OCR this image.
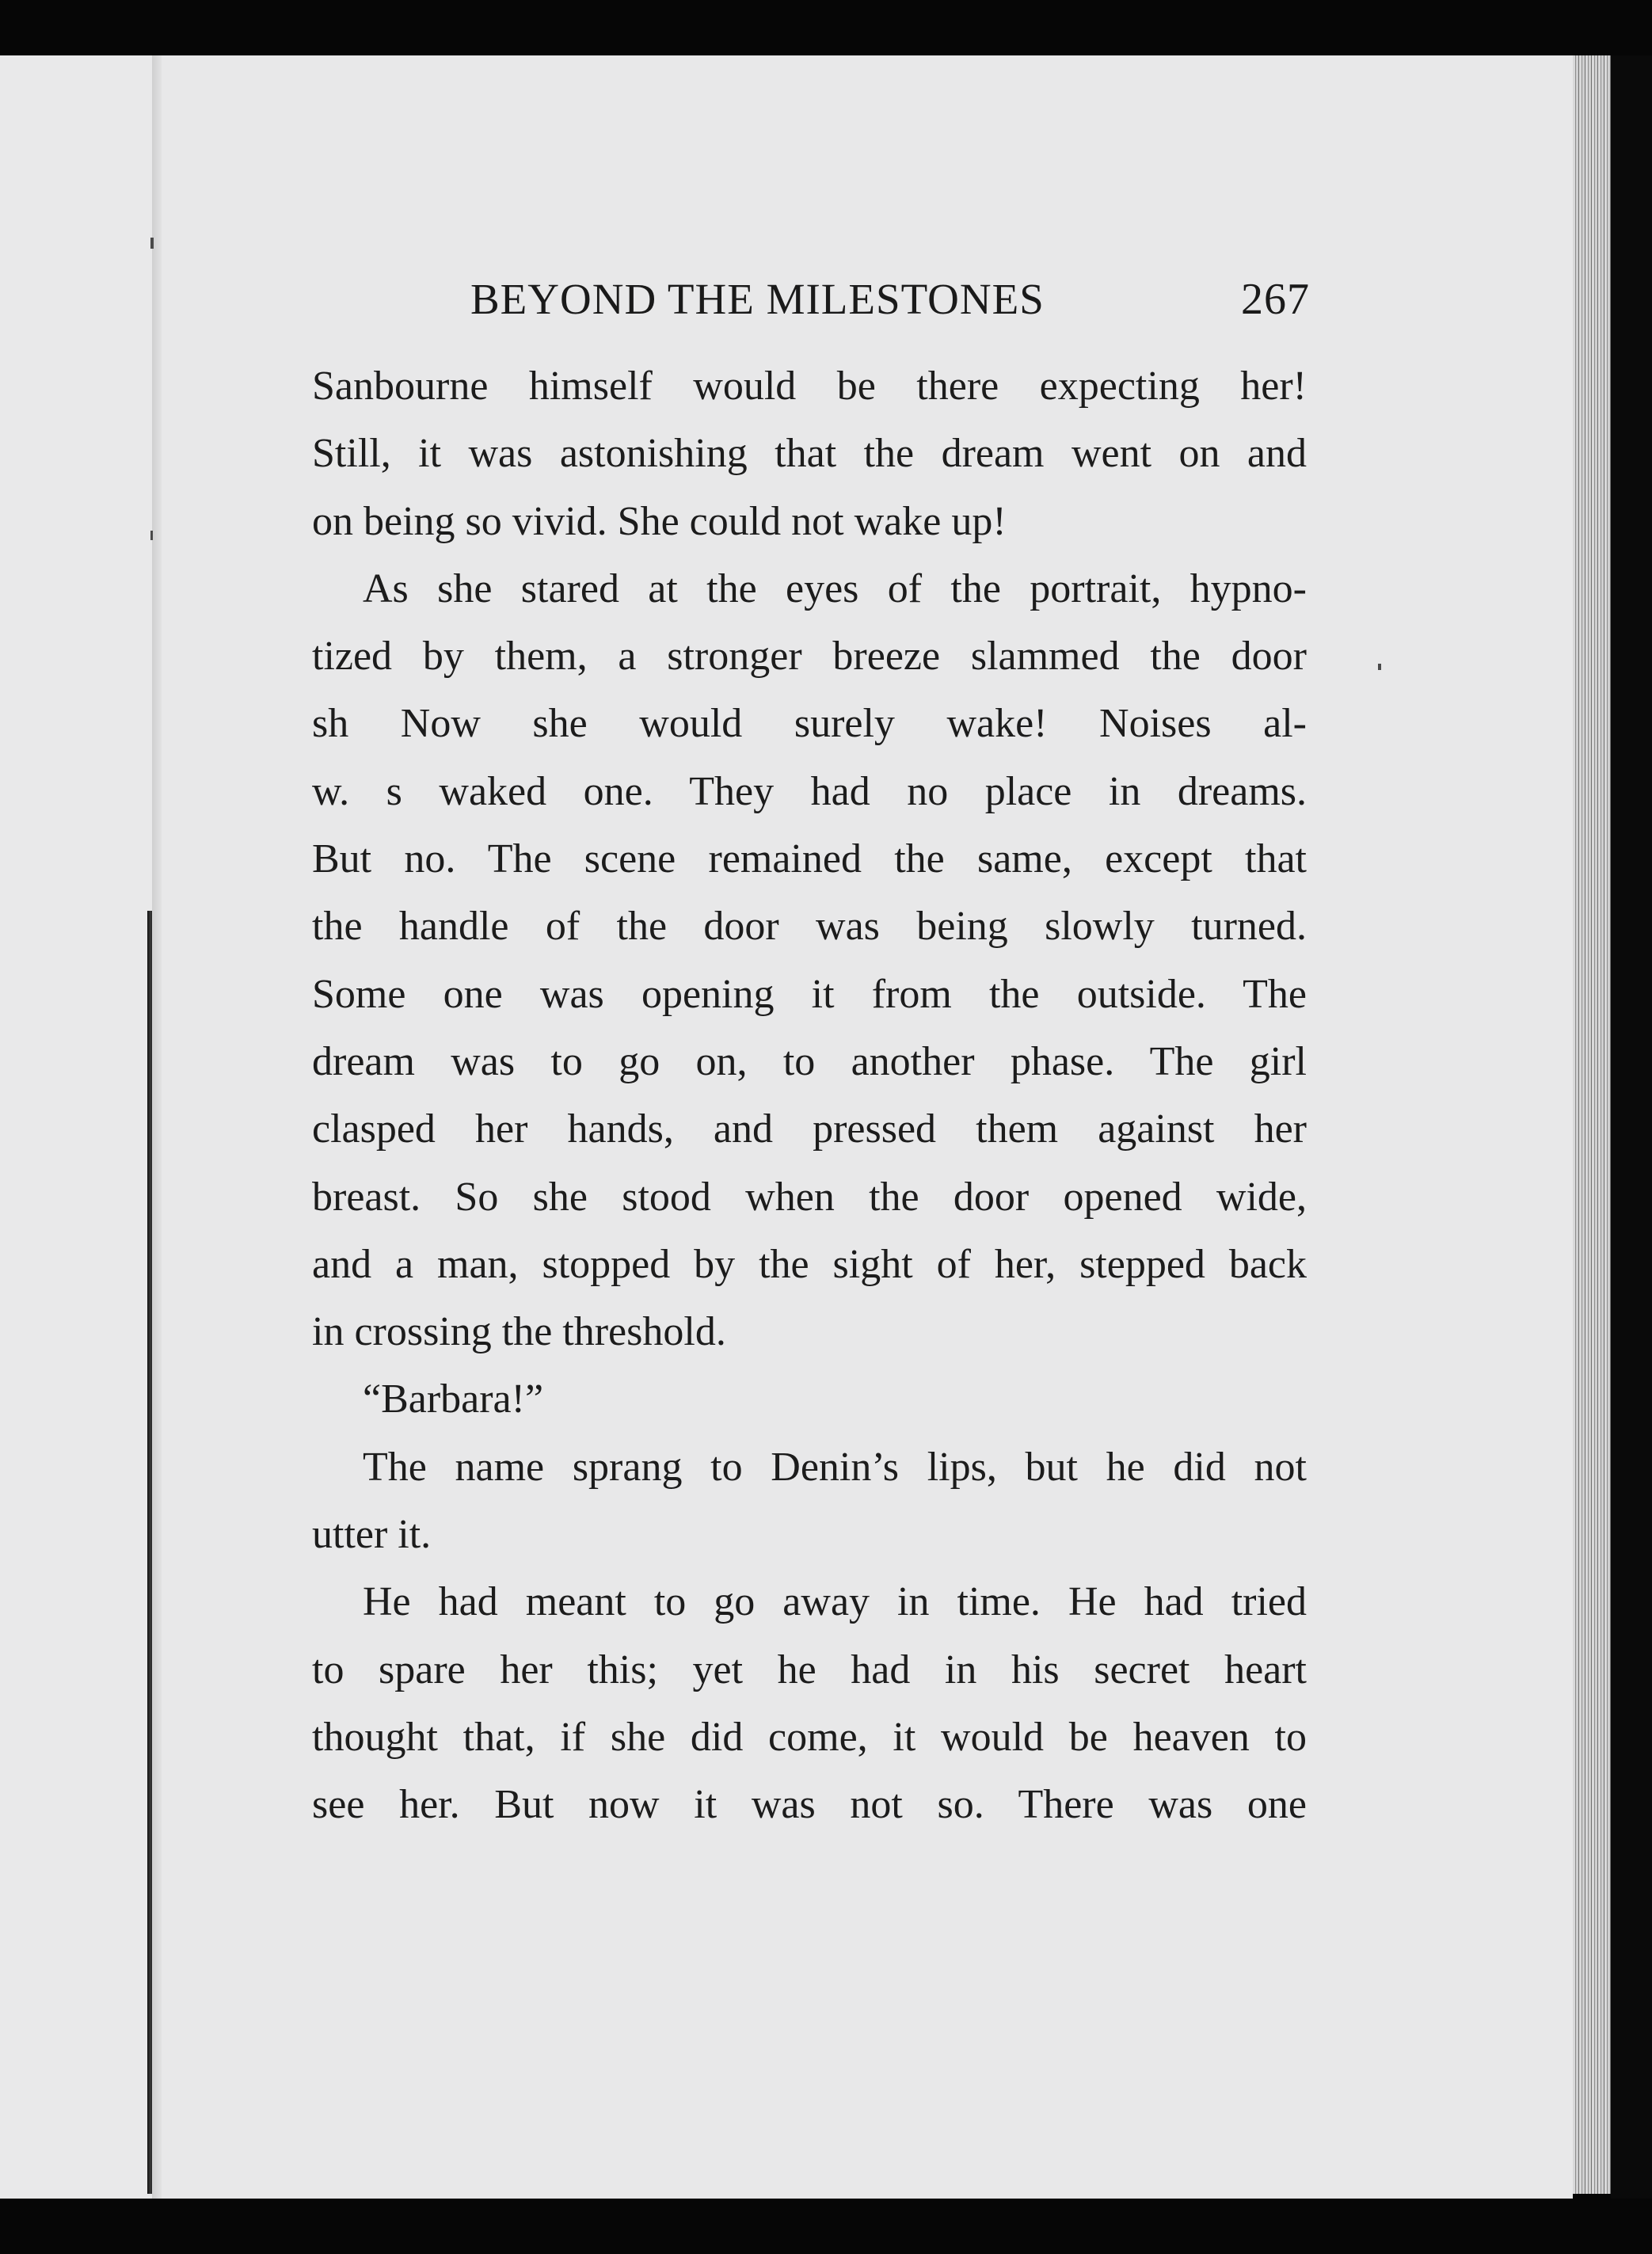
BEYOND THE MILESTONES	267
Sanbourne himself would be there expecting her!
Still, it was astonishing that the dream went on and
on being so vivid. She could not wake up!
As she stared at the eyes of the portrait, hypno-
tized by them, a stronger breeze slammed the door
sh Now she would surely wake! Noises al-
w. s waked one. They had no place in dreams.
But no. The scene remained the same, except that
the handle of the door was being slowly turned.
Some one was opening it from the outside. The
dream was to go on, to another phase. The girl
clasped her hands, and pressed them against her
breast. So she stood when the door opened wide,
and a man, stopped by the sight of her, stepped back
in crossing the threshold.
“Barbara!”
The name sprang to Denin’s lips, but he did not
utter it.
He had meant to go away in time. He had tried
to spare her this; yet he had in his secret heart
thought that, if she did come, it would be heaven to
see her. But now it was not so. There was one
